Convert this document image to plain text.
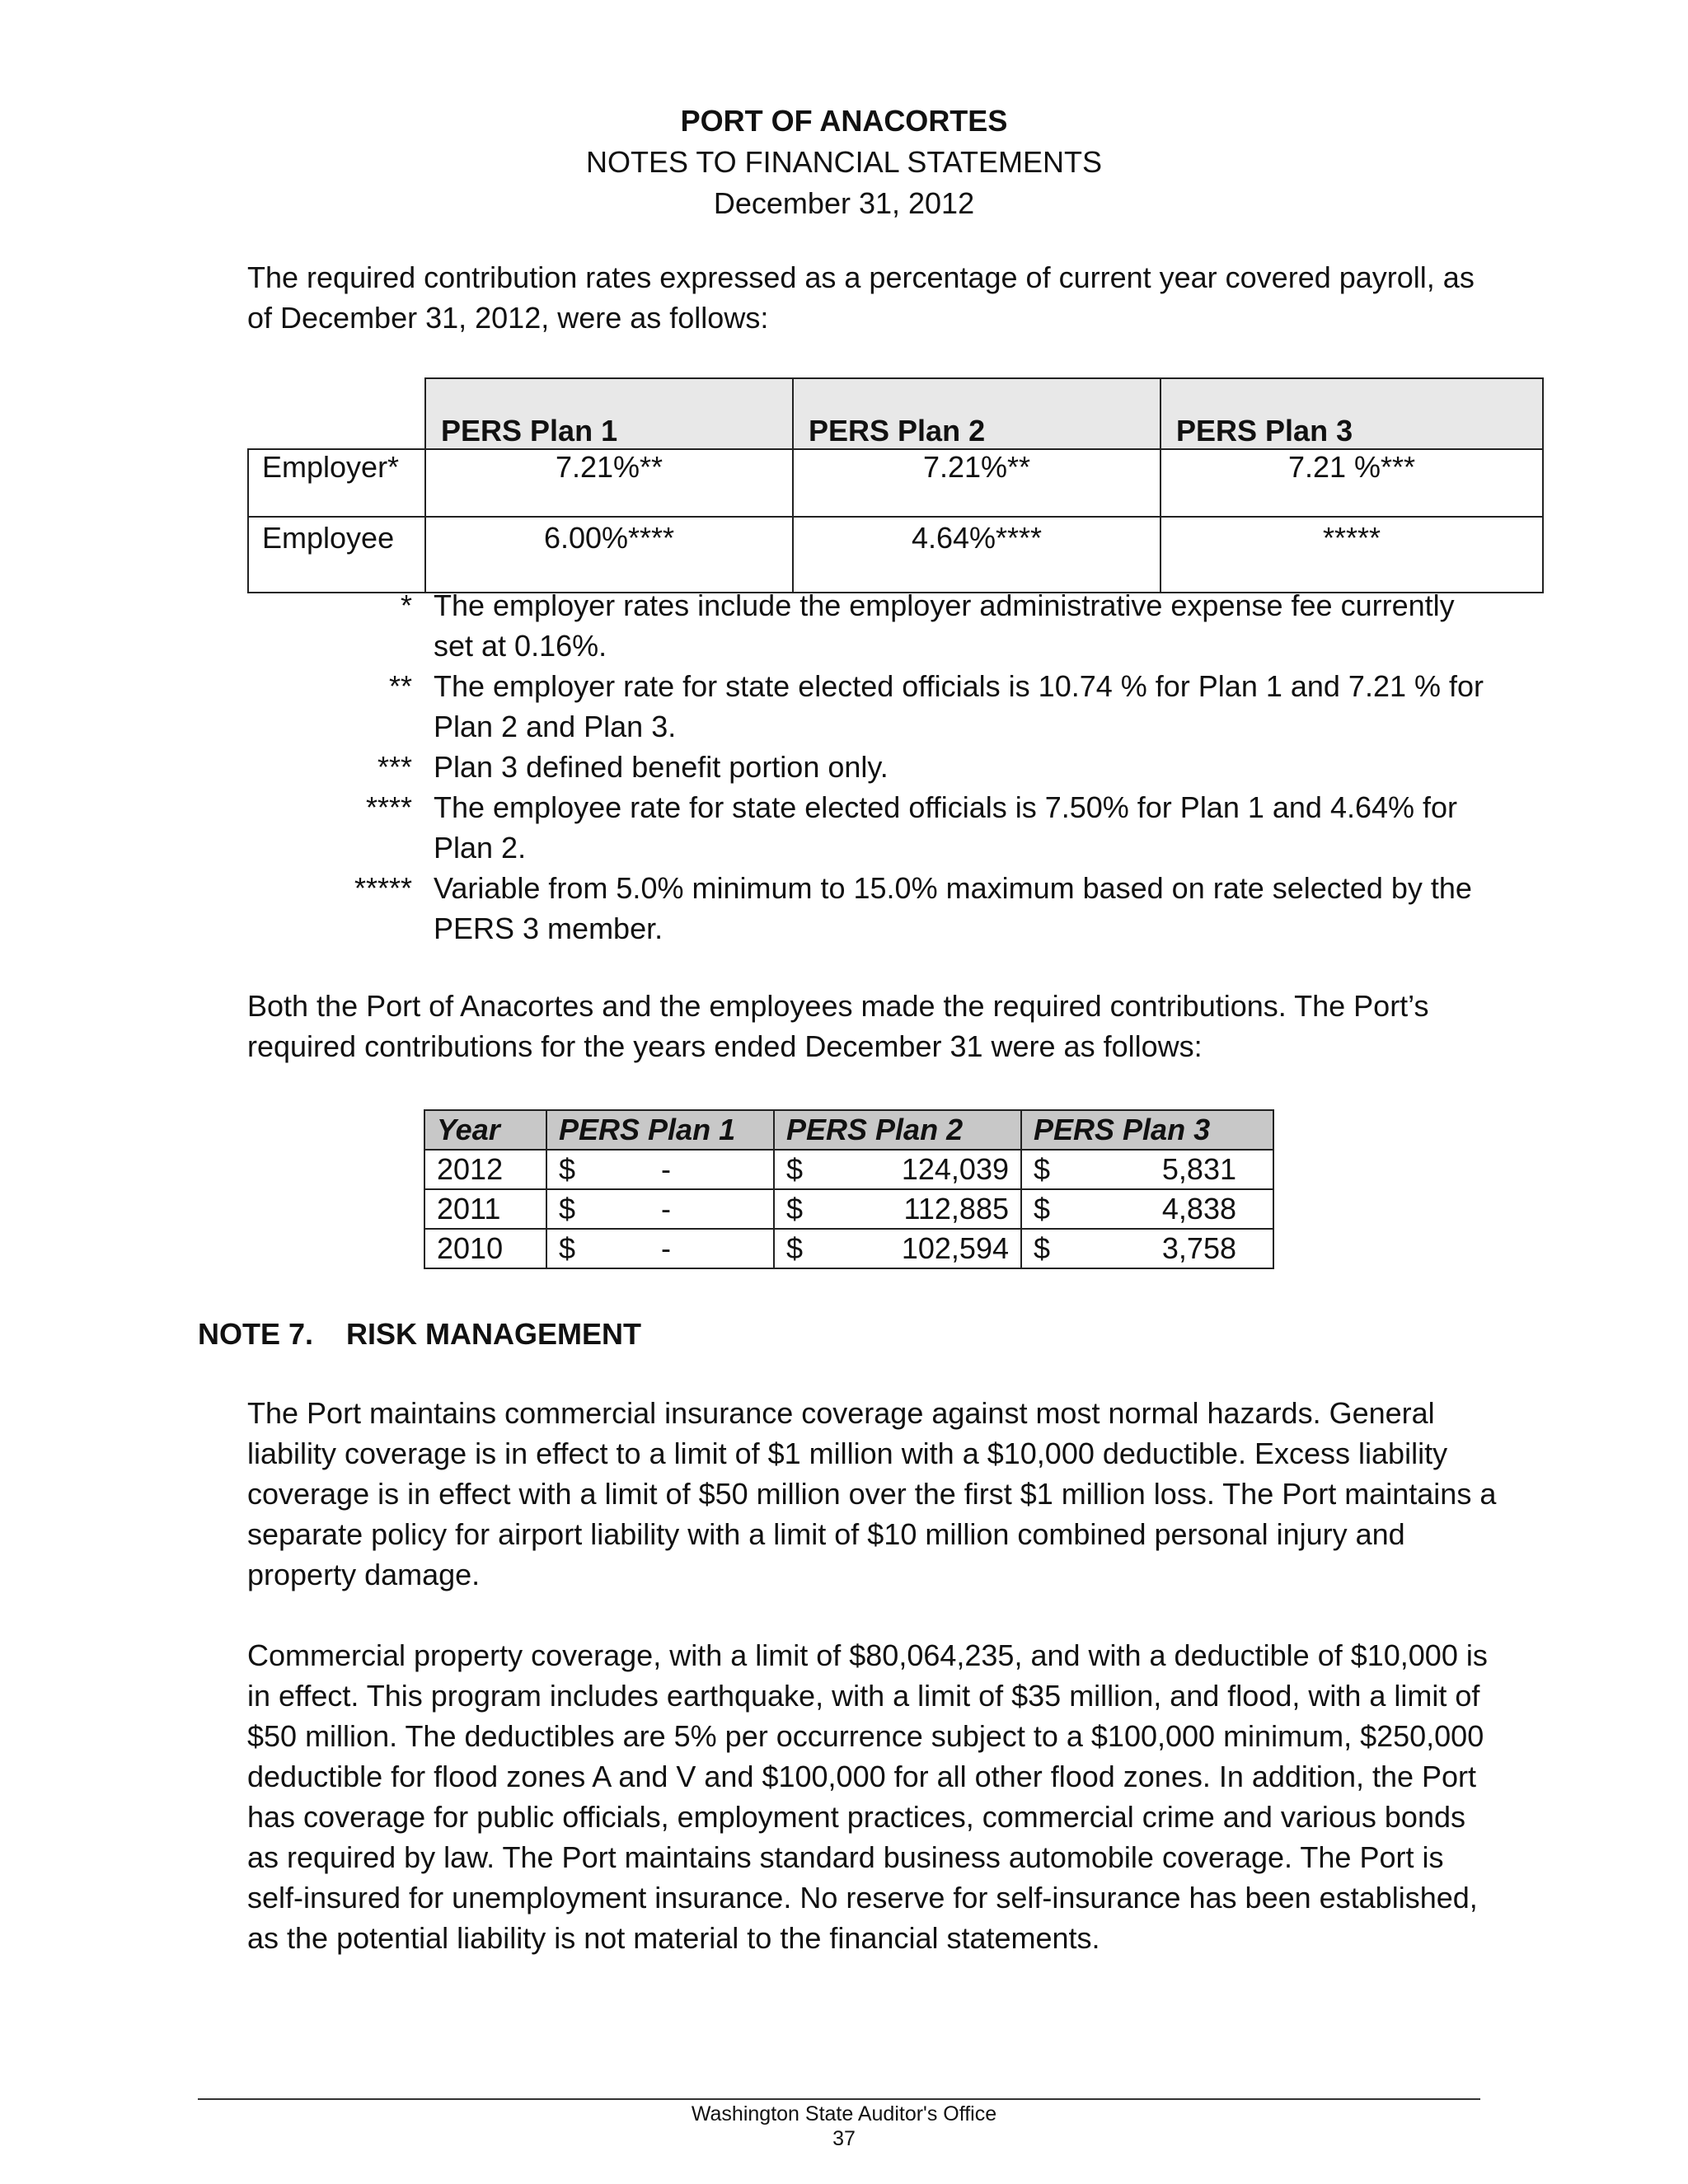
PORT OF ANACORTES
NOTES TO FINANCIAL STATEMENTS
December 31, 2012
The required contribution rates expressed as a percentage of current year covered payroll, as of December 31, 2012, were as follows:
	PERS Plan 1	PERS Plan 2	PERS Plan 3
Employer*	7.21%**	7.21%**	7.21 %***
Employee	6.00%****	4.64%****	*****
* The employer rates include the employer administrative expense fee currently set at 0.16%.
** The employer rate for state elected officials is 10.74 % for Plan 1 and 7.21 % for Plan 2 and Plan 3.
*** Plan 3 defined benefit portion only.
**** The employee rate for state elected officials is 7.50% for Plan 1 and 4.64% for Plan 2.
***** Variable from 5.0% minimum to 15.0% maximum based on rate selected by the PERS 3 member.
Both the Port of Anacortes and the employees made the required contributions. The Port’s required contributions for the years ended December 31 were as follows:
Year	PERS Plan 1	PERS Plan 2	PERS Plan 3
2012	$ -	$ 124,039	$ 5,831

2011	$ -	$ 112,885	$ 4,838

2010	$ -	$ 102,594	$ 3,758
NOTE 7. RISK MANAGEMENT
The Port maintains commercial insurance coverage against most normal hazards. General liability coverage is in effect to a limit of $1 million with a $10,000 deductible. Excess liability coverage is in effect with a limit of $50 million over the first $1 million loss. The Port maintains a separate policy for airport liability with a limit of $10 million combined personal injury and property damage.
Commercial property coverage, with a limit of $80,064,235, and with a deductible of $10,000 is in effect. This program includes earthquake, with a limit of $35 million, and flood, with a limit of $50 million. The deductibles are 5% per occurrence subject to a $100,000 minimum, $250,000 deductible for flood zones A and V and $100,000 for all other flood zones. In addition, the Port has coverage for public officials, employment practices, commercial crime and various bonds as required by law. The Port maintains standard business automobile coverage. The Port is self-insured for unemployment insurance. No reserve for self-insurance has been established, as the potential liability is not material to the financial statements.
Washington State Auditor's Office
37
